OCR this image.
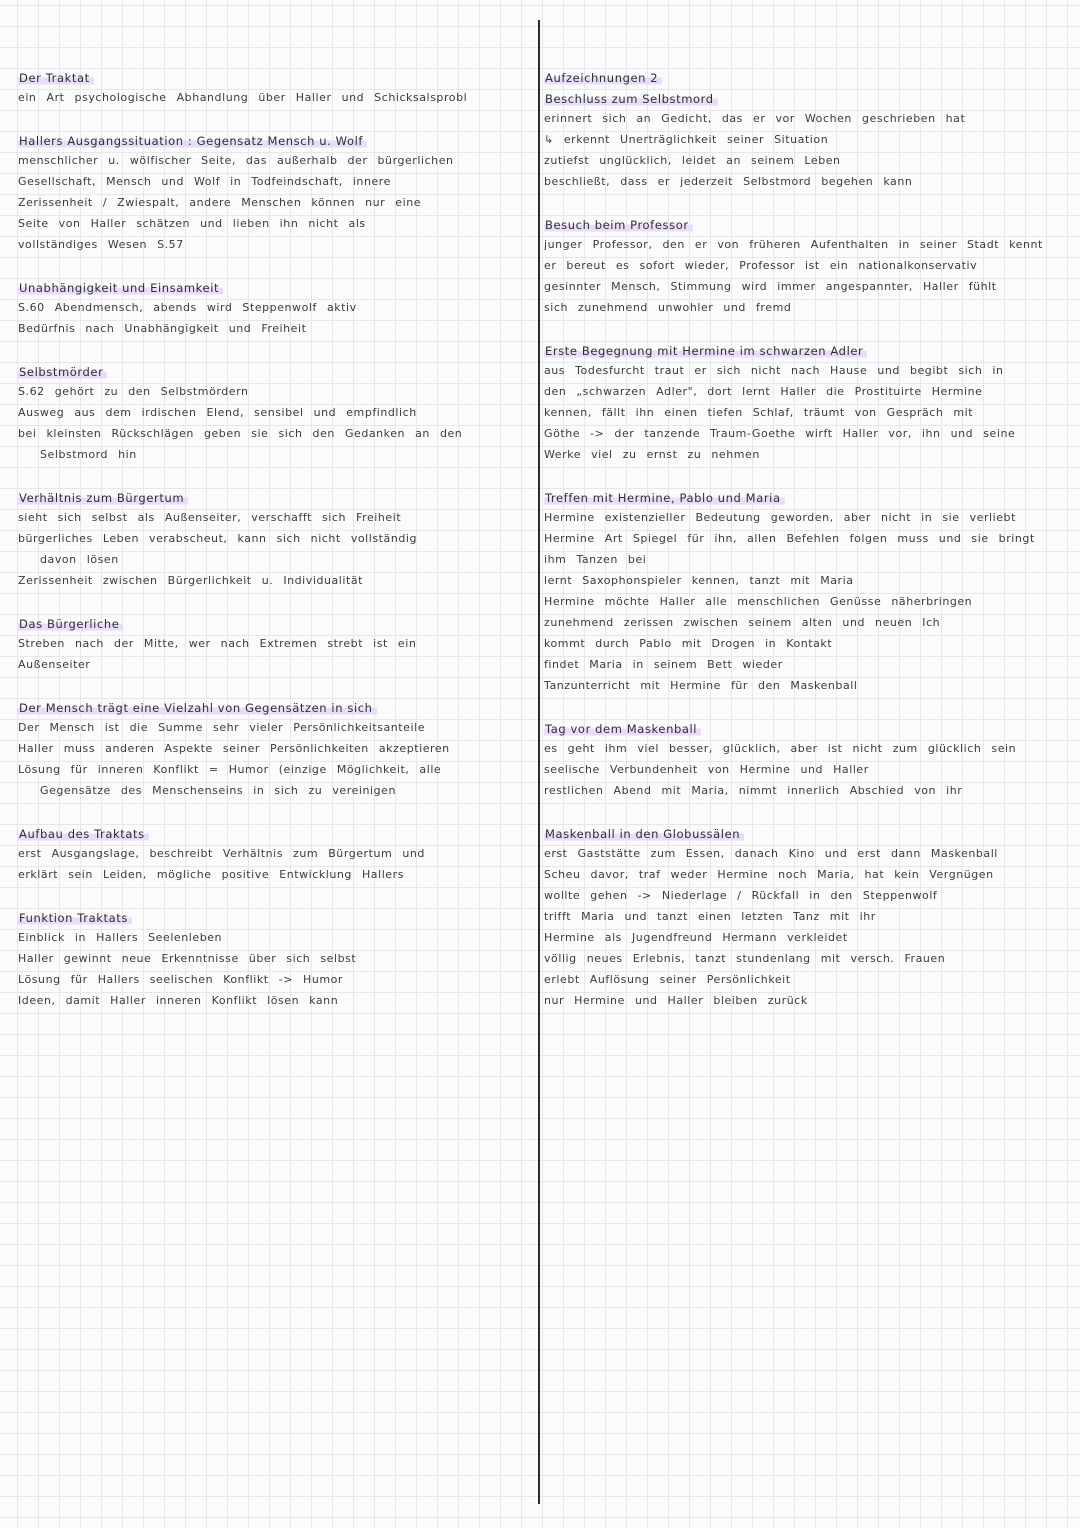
Der Traktat
ein Art psychologische Abhandlung über Haller und Schicksalsprobl
Hallers Ausgangssituation : Gegensatz Mensch u. Wolf
menschlicher u. wölfischer Seite, das außerhalb der bürgerlichen
Gesellschaft, Mensch und Wolf in Todfeindschaft, innere
Zerissenheit / Zwiespalt, andere Menschen können nur eine
Seite von Haller schätzen und lieben ihn nicht als
vollständiges Wesen S.57
Unabhängigkeit und Einsamkeit
S.60 Abendmensch, abends wird Steppenwolf aktiv
Bedürfnis nach Unabhängigkeit und Freiheit
Selbstmörder
S.62 gehört zu den Selbstmördern
Ausweg aus dem irdischen Elend, sensibel und empfindlich
bei kleinsten Rückschlägen geben sie sich den Gedanken an den
Selbstmord hin
Verhältnis zum Bürgertum
sieht sich selbst als Außenseiter, verschafft sich Freiheit
bürgerliches Leben verabscheut, kann sich nicht vollständig
davon lösen
Zerissenheit zwischen Bürgerlichkeit u. Individualität
Das Bürgerliche
Streben nach der Mitte, wer nach Extremen strebt ist ein
Außenseiter
Der Mensch trägt eine Vielzahl von Gegensätzen in sich
Der Mensch ist die Summe sehr vieler Persönlichkeitsanteile
Haller muss anderen Aspekte seiner Persönlichkeiten akzeptieren
Lösung für inneren Konflikt = Humor (einzige Möglichkeit, alle
Gegensätze des Menschenseins in sich zu vereinigen
Aufbau des Traktats
erst Ausgangslage, beschreibt Verhältnis zum Bürgertum und
erklärt sein Leiden, mögliche positive Entwicklung Hallers
Funktion Traktats
Einblick in Hallers Seelenleben
Haller gewinnt neue Erkenntnisse über sich selbst
Lösung für Hallers seelischen Konflikt -> Humor
Ideen, damit Haller inneren Konflikt lösen kann
Aufzeichnungen 2
Beschluss zum Selbstmord
erinnert sich an Gedicht, das er vor Wochen geschrieben hat
↳ erkennt Unerträglichkeit seiner Situation
zutiefst unglücklich, leidet an seinem Leben
beschließt, dass er jederzeit Selbstmord begehen kann
Besuch beim Professor
junger Professor, den er von früheren Aufenthalten in seiner Stadt kennt
er bereut es sofort wieder, Professor ist ein nationalkonservativ
gesinnter Mensch, Stimmung wird immer angespannter, Haller fühlt
sich zunehmend unwohler und fremd
Erste Begegnung mit Hermine im schwarzen Adler
aus Todesfurcht traut er sich nicht nach Hause und begibt sich in
den „schwarzen Adler", dort lernt Haller die Prostituirte Hermine
kennen, fällt ihn einen tiefen Schlaf, träumt von Gespräch mit
Göthe -> der tanzende Traum-Goethe wirft Haller vor, ihn und seine
Werke viel zu ernst zu nehmen
Treffen mit Hermine, Pablo und Maria
Hermine existenzieller Bedeutung geworden, aber nicht in sie verliebt
Hermine Art Spiegel für ihn, allen Befehlen folgen muss und sie bringt
ihm Tanzen bei
lernt Saxophonspieler kennen, tanzt mit Maria
Hermine möchte Haller alle menschlichen Genüsse näherbringen
zunehmend zerissen zwischen seinem alten und neuen Ich
kommt durch Pablo mit Drogen in Kontakt
findet Maria in seinem Bett wieder
Tanzunterricht mit Hermine für den Maskenball
Tag vor dem Maskenball
es geht ihm viel besser, glücklich, aber ist nicht zum glücklich sein
seelische Verbundenheit von Hermine und Haller
restlichen Abend mit Maria, nimmt innerlich Abschied von ihr
Maskenball in den Globussälen
erst Gaststätte zum Essen, danach Kino und erst dann Maskenball
Scheu davor, traf weder Hermine noch Maria, hat kein Vergnügen
wollte gehen -> Niederlage / Rückfall in den Steppenwolf
trifft Maria und tanzt einen letzten Tanz mit ihr
Hermine als Jugendfreund Hermann verkleidet
völlig neues Erlebnis, tanzt stundenlang mit versch. Frauen
erlebt Auflösung seiner Persönlichkeit
nur Hermine und Haller bleiben zurück
